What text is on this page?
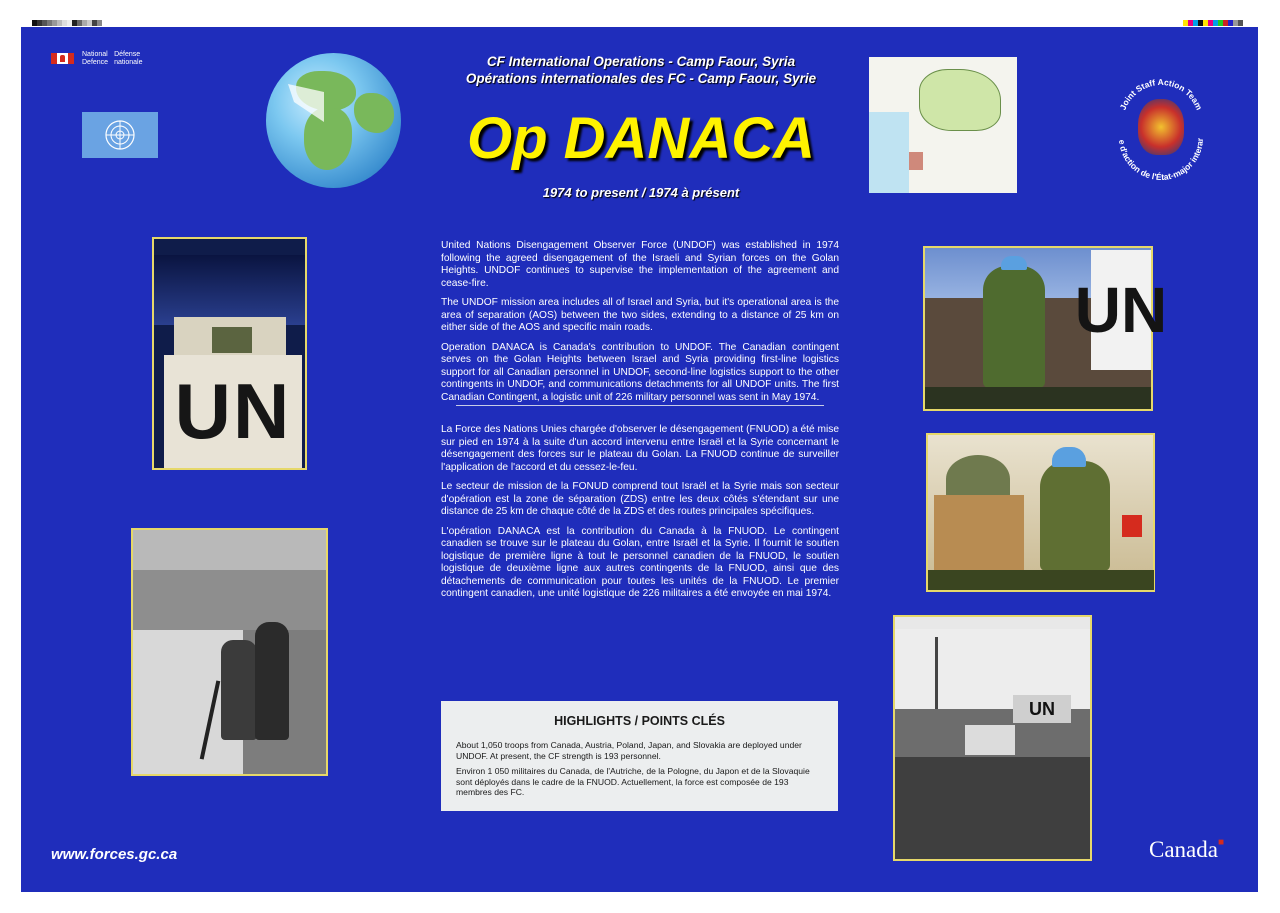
National Défense
Defence nationale	CF International Operations - Camp Faour, Syria
Opérations internationales des FC - Camp Faour, Syrie
Op DANACA
1974 to present / 1974 à présent
Joint Staff Action Team
e d'action de l'État-major interar

United Nations Disengagement Observer Force (UNDOF) was established in 1974 following the agreed disengagement of the Israeli and Syrian forces on the Golan Heights. UNDOF continues to supervise the implementation of the agreement and cease-fire.

The UNDOF mission area includes all of Israel and Syria, but it's operational area is the area of separation (AOS) between the two sides, extending to a distance of 25 km on either side of the AOS and specific main roads.

Operation DANACA is Canada's contribution to UNDOF. The Canadian contingent serves on the Golan Heights between Israel and Syria providing first-line logistics support for all Canadian personnel in UNDOF, second-line logistics support to the other contingents in UNDOF, and communications detachments for all UNDOF units. The first Canadian Contingent, a logistic unit of 226 military personnel was sent in May 1974.

La Force des Nations Unies chargée d'observer le désengagement (FNUOD) a été mise sur pied en 1974 à la suite d'un accord intervenu entre Israël et la Syrie concernant le désengagement des forces sur le plateau du Golan. La FNUOD continue de surveiller l'application de l'accord et du cessez-le-feu.

Le secteur de mission de la FONUD comprend tout Israël et la Syrie mais son secteur d'opération est la zone de séparation (ZDS) entre les deux côtés s'étendant sur une distance de 25 km de chaque côté de la ZDS et des routes principales spécifiques.

L'opération DANACA est la contribution du Canada à la FNUOD. Le contingent canadien se trouve sur le plateau du Golan, entre Israël et la Syrie. Il fournit le soutien logistique de première ligne à tout le personnel canadien de la FNUOD, le soutien logistique de deuxième ligne aux autres contingents de la FNUOD, ainsi que des détachements de communication pour toutes les unités de la FNUOD. Le premier contingent canadien, une unité logistique de 226 militaires a été envoyée en mai 1974.

HIGHLIGHTS / POINTS CLÉS

About 1,050 troops from Canada, Austria, Poland, Japan, and Slovakia are deployed under UNDOF. At present, the CF strength is 193 personnel.

Environ 1 050 militaires du Canada, de l'Autriche, de la Pologne, du Japon et de la Slovaquie sont déployés dans le cadre de la FNUOD. Actuellement, la force est composée de 193 membres des FC.

UN
UN
UN
www.forces.gc.ca	Canada■
